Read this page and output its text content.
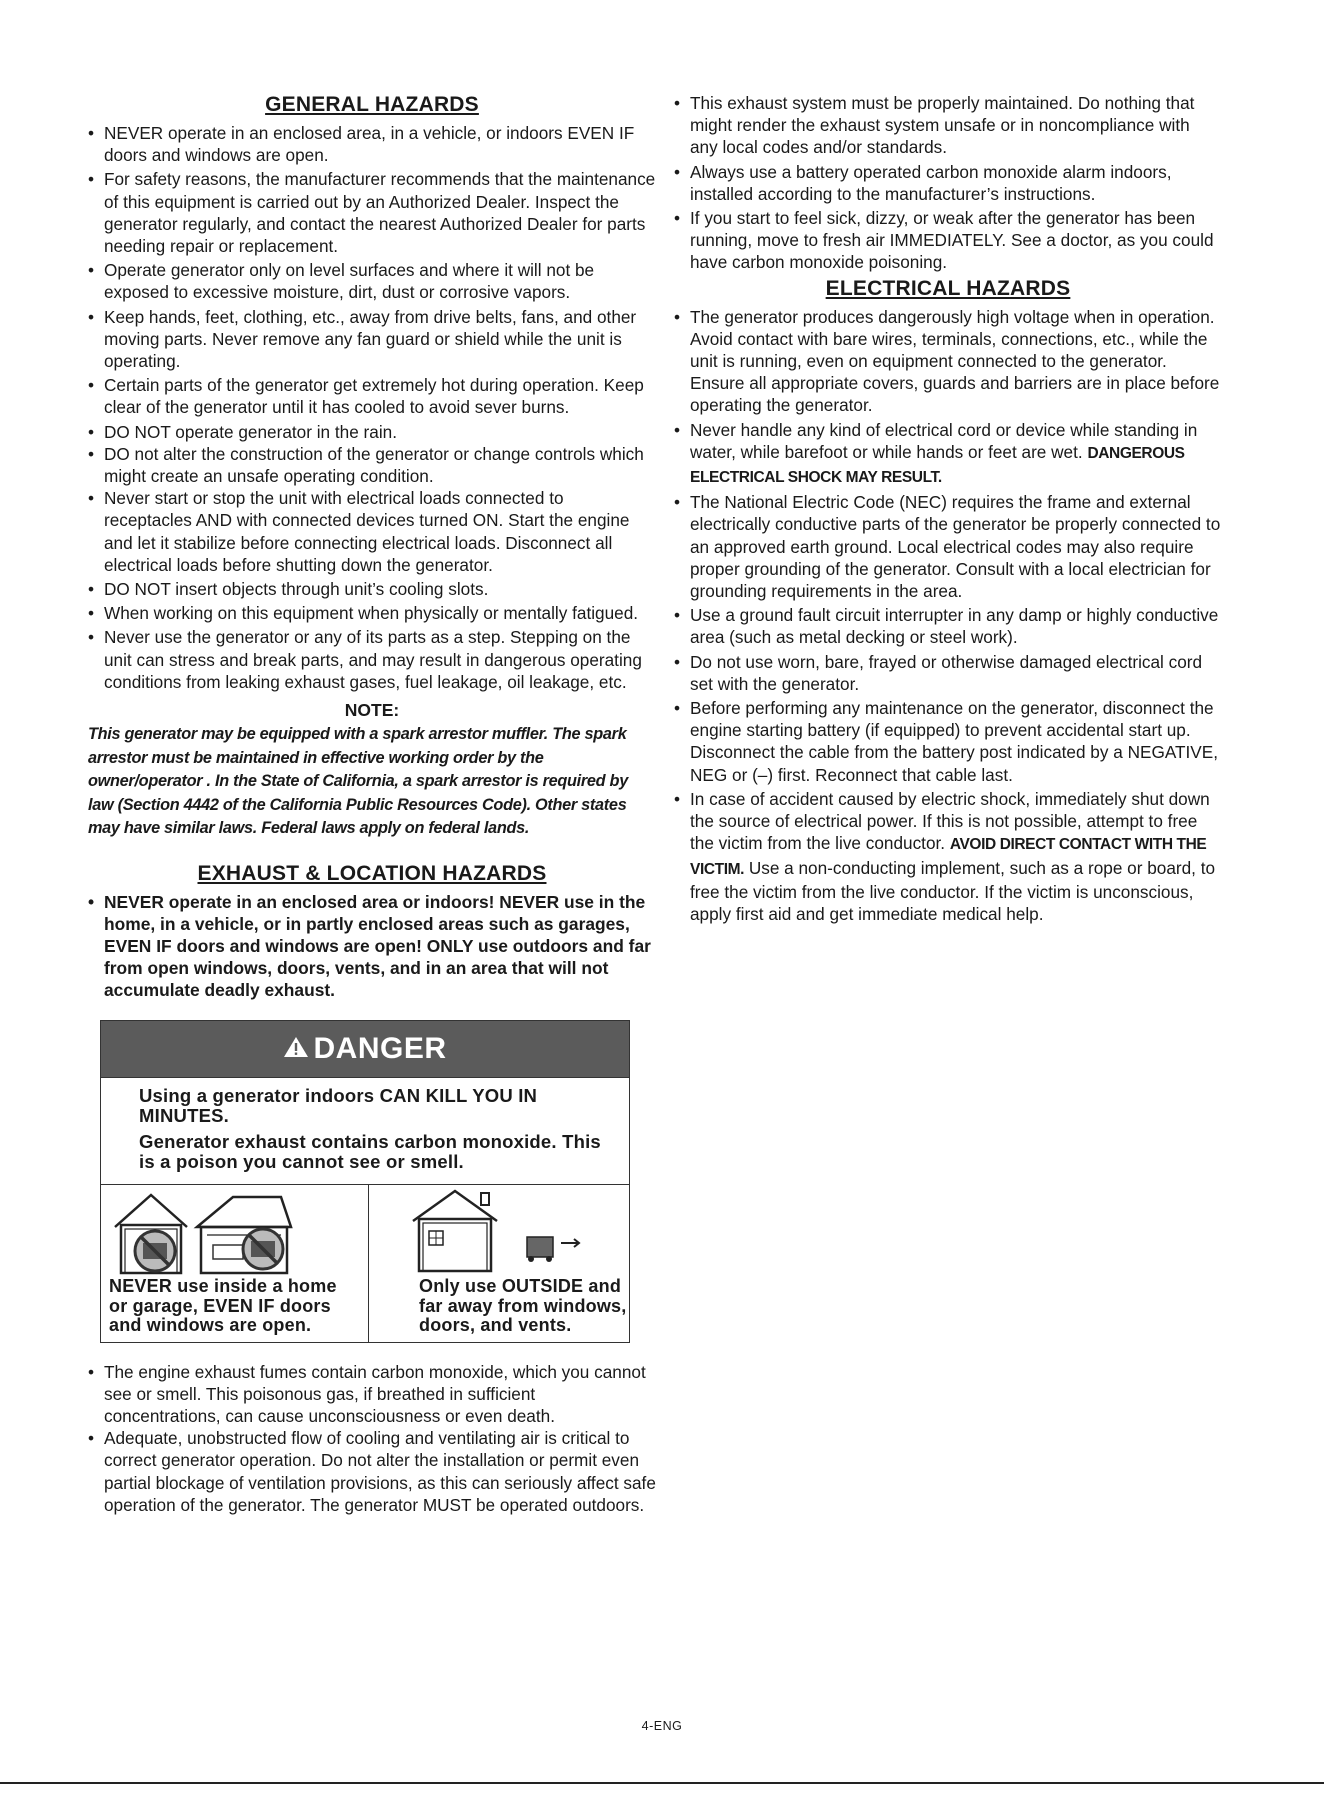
GENERAL HAZARDS
• NEVER operate in an enclosed area, in a vehicle, or indoors EVEN IF doors and windows are open.
• For safety reasons, the manufacturer recommends that the maintenance of this equipment is carried out by an Authorized Dealer. Inspect the generator regularly, and contact the nearest Authorized Dealer for parts needing repair or replacement.
• Operate generator only on level surfaces and where it will not be exposed to excessive moisture, dirt, dust or corrosive vapors.
• Keep hands, feet, clothing, etc., away from drive belts, fans, and other moving parts. Never remove any fan guard or shield while the unit is operating.
• Certain parts of the generator get extremely hot during operation. Keep clear of the generator until it has cooled to avoid sever burns.
• DO NOT operate generator in the rain.
• DO not alter the construction of the generator or change controls which might create an unsafe operating condition.
• Never start or stop the unit with electrical loads connected to receptacles AND with connected devices turned ON. Start the engine and let it stabilize before connecting electrical loads. Disconnect all electrical loads before shutting down the generator.
• DO NOT insert objects through unit’s cooling slots.
• When working on this equipment when physically or mentally fatigued.
• Never use the generator or any of its parts as a step. Stepping on the unit can stress and break parts, and may result in dangerous operating conditions from leaking exhaust gases, fuel leakage, oil leakage, etc.
NOTE:
This generator may be equipped with a spark arrestor muffler. The spark arrestor must be maintained in effective working order by the owner/operator . In the State of California, a spark arrestor is required by law (Section 4442 of the California Public Resources Code). Other states may have similar laws. Federal laws apply on federal lands.
EXHAUST & LOCATION HAZARDS
• NEVER operate in an enclosed area or indoors! NEVER use in the home, in a vehicle, or in partly enclosed areas such as garages, EVEN IF doors and windows are open! ONLY use outdoors and far from open windows, doors, vents, and in an area that will not accumulate deadly exhaust.
DANGER

Using a generator indoors CAN KILL YOU IN MINUTES.

Generator exhaust contains carbon monoxide. This is a poison you cannot see or smell.

NEVER use inside a home or garage, EVEN IF doors and windows are open.
Only use OUTSIDE and far away from windows, doors, and vents.
• The engine exhaust fumes contain carbon monoxide, which you cannot see or smell. This poisonous gas, if breathed in sufficient concentrations, can cause unconsciousness or even death.
• Adequate, unobstructed flow of cooling and ventilating air is critical to correct generator operation. Do not alter the installation or permit even partial blockage of ventilation provisions, as this can seriously affect safe operation of the generator. The generator MUST be operated outdoors.
• This exhaust system must be properly maintained. Do nothing that might render the exhaust system unsafe or in noncompliance with any local codes and/or standards.
• Always use a battery operated carbon monoxide alarm indoors, installed according to the manufacturer’s instructions.
• If you start to feel sick, dizzy, or weak after the generator has been running, move to fresh air IMMEDIATELY. See a doctor, as you could have carbon monoxide poisoning.
ELECTRICAL HAZARDS
• The generator produces dangerously high voltage when in operation. Avoid contact with bare wires, terminals, connections, etc., while the unit is running, even on equipment connected to the generator. Ensure all appropriate covers, guards and barriers are in place before operating the generator.
• Never handle any kind of electrical cord or device while standing in water, while barefoot or while hands or feet are wet. DANGEROUS ELECTRICAL SHOCK MAY RESULT.
• The National Electric Code (NEC) requires the frame and external electrically conductive parts of the generator be properly connected to an approved earth ground. Local electrical codes may also require proper grounding of the generator. Consult with a local electrician for grounding requirements in the area.
• Use a ground fault circuit interrupter in any damp or highly conductive area (such as metal decking or steel work).
• Do not use worn, bare, frayed or otherwise damaged electrical cord set with the generator.
• Before performing any maintenance on the generator, disconnect the engine starting battery (if equipped) to prevent accidental start up. Disconnect the cable from the battery post indicated by a NEGATIVE, NEG or (–) first. Reconnect that cable last.
• In case of accident caused by electric shock, immediately shut down the source of electrical power. If this is not possible, attempt to free the victim from the live conductor. AVOID DIRECT CONTACT WITH THE VICTIM. Use a non-conducting implement, such as a rope or board, to free the victim from the live conductor. If the victim is unconscious, apply first aid and get immediate medical help.
4-ENG
